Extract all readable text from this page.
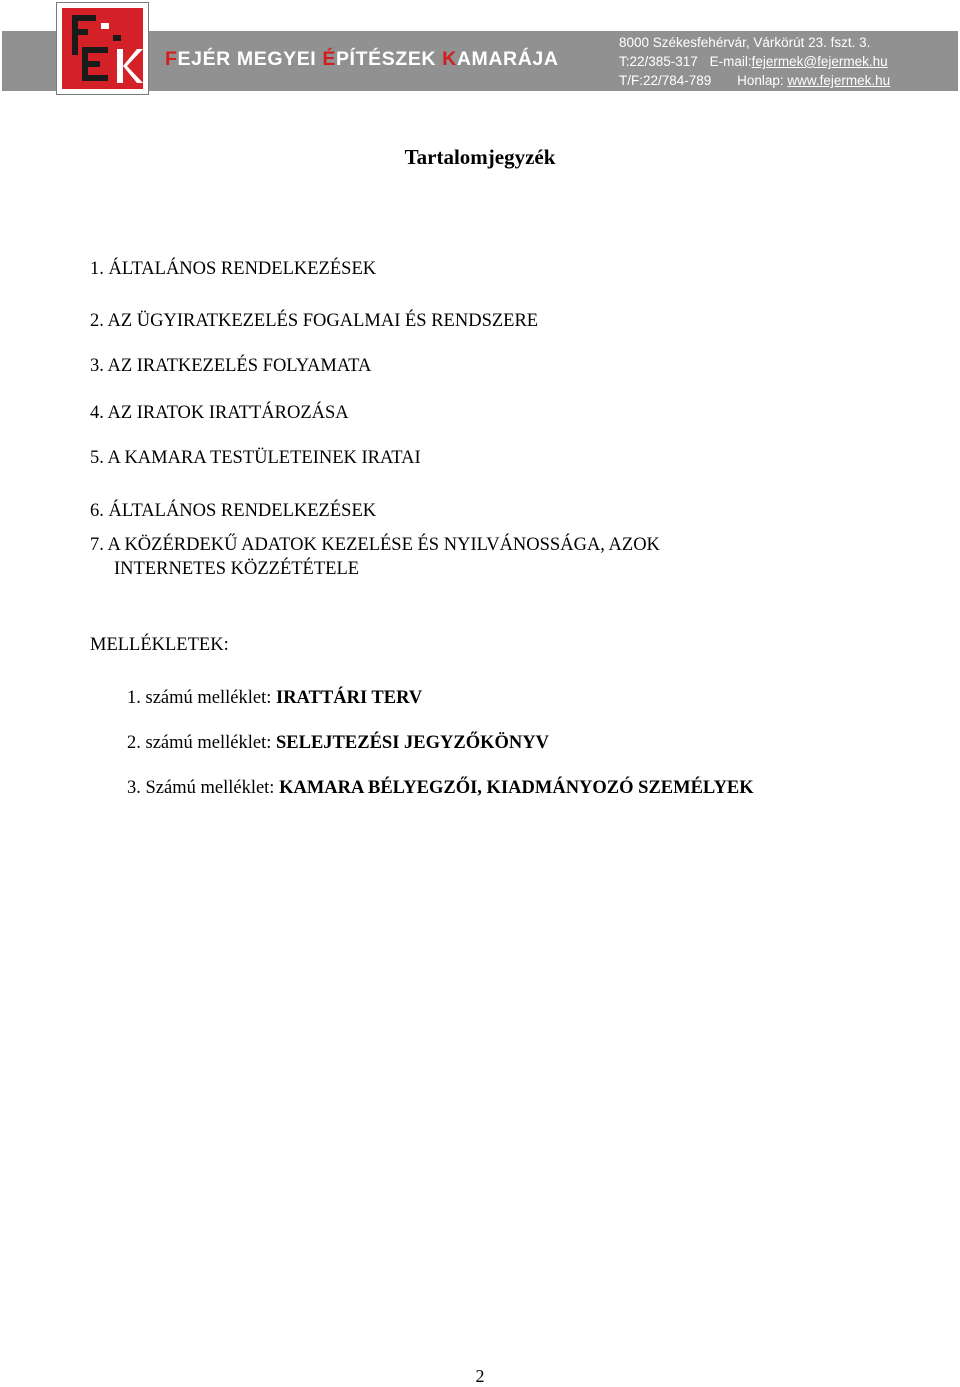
FEJÉR MEGYEI ÉPÍTÉSZEK KAMARÁJA
8000 Székesfehérvár, Várkörút 23. fszt. 3.
T:22/385-317 E-mail:fejermek@fejermek.hu
T/F:22/784-789 Honlap: www.fejermek.hu
Tartalomjegyzék
1. ÁLTALÁNOS RENDELKEZÉSEK
2. AZ ÜGYIRATKEZELÉS FOGALMAI ÉS RENDSZERE
3. AZ IRATKEZELÉS FOLYAMATA
4. AZ IRATOK IRATTÁROZÁSA
5. A KAMARA TESTÜLETEINEK IRATAI
6. ÁLTALÁNOS RENDELKEZÉSEK
7. A KÖZÉRDEKŰ ADATOK KEZELÉSE ÉS NYILVÁNOSSÁGA, AZOK
INTERNETES KÖZZÉTÉTELE
MELLÉKLETEK:
1. számú melléklet: IRATTÁRI TERV
2. számú melléklet: SELEJTEZÉSI JEGYZŐKÖNYV
3. Számú melléklet: KAMARA BÉLYEGZŐI, KIADMÁNYOZÓ SZEMÉLYEK
2
